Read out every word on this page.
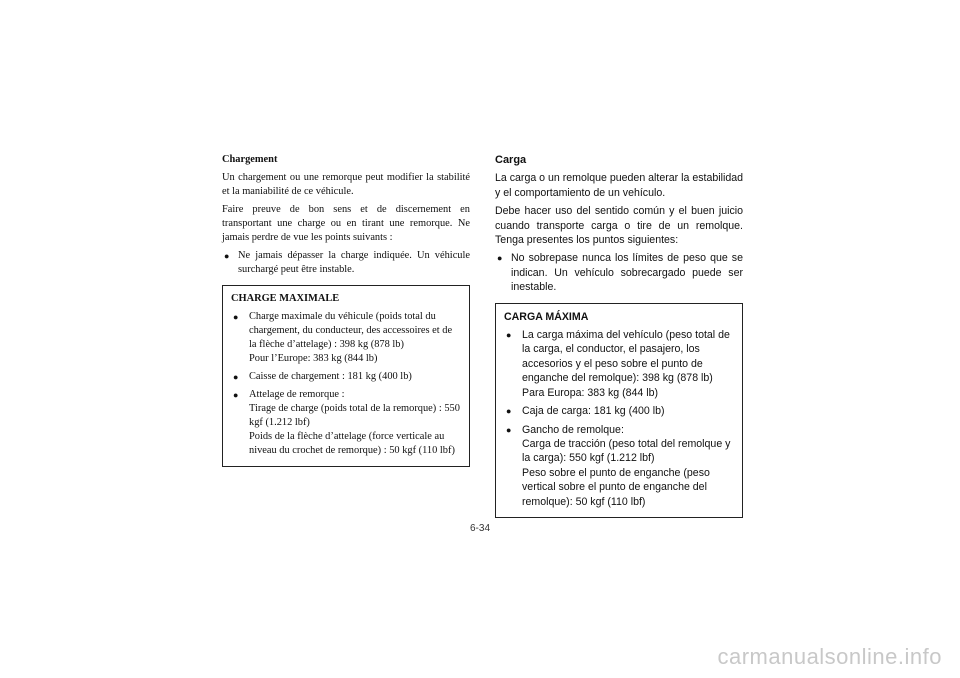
Chargement

Un chargement ou une remorque peut modifier la stabilité et la maniabilité de ce véhicule.

Faire preuve de bon sens et de discernement en transportant une charge ou en tirant une remorque. Ne jamais perdre de vue les points suivants :

● Ne jamais dépasser la charge indiquée. Un véhicule surchargé peut être instable.
CHARGE MAXIMALE
● Charge maximale du véhicule (poids total du chargement, du conducteur, des accessoires et de la flèche d’attelage) : 398 kg (878 lb)
Pour l’Europe: 383 kg (844 lb)
● Caisse de chargement : 181 kg (400 lb)
● Attelage de remorque :
Tirage de charge (poids total de la remorque) : 550 kgf (1.212 lbf)
Poids de la flèche d’attelage (force verticale au niveau du crochet de remorque) : 50 kgf (110 lbf)
Carga

La carga o un remolque pueden alterar la estabilidad y el comportamiento de un vehículo.

Debe hacer uso del sentido común y el buen juicio cuando transporte carga o tire de un remolque. Tenga presentes los puntos siguientes:

● No sobrepase nunca los límites de peso que se indican. Un vehículo sobrecargado puede ser inestable.
CARGA MÁXIMA
● La carga máxima del vehículo (peso total de la carga, el conductor, el pasajero, los accesorios y el peso sobre el punto de enganche del remolque): 398 kg (878 lb)
Para Europa: 383 kg (844 lb)
● Caja de carga: 181 kg (400 lb)
● Gancho de remolque:
Carga de tracción (peso total del remolque y la carga): 550 kgf (1.212 lbf)
Peso sobre el punto de enganche (peso vertical sobre el punto de enganche del remolque): 50 kgf (110 lbf)
6-34
carmanualsonline.info
